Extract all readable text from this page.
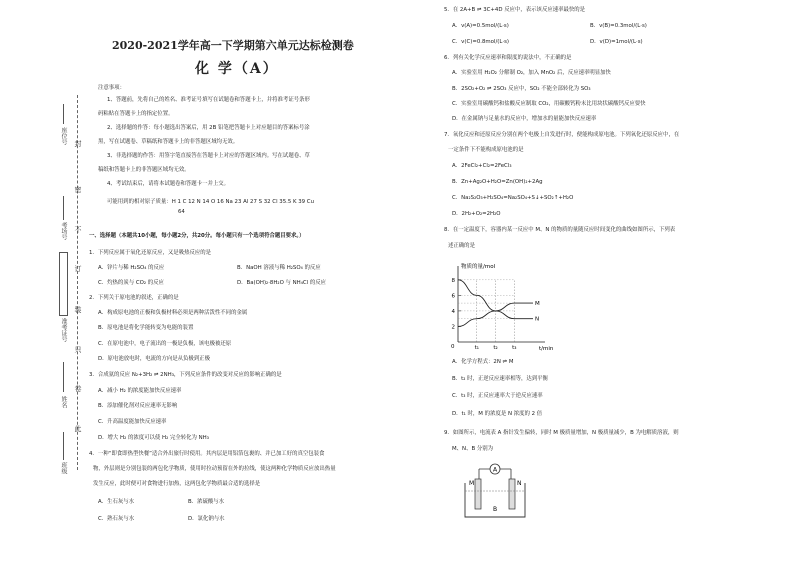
封
密
不
订
装
只
卷
此
座位号
考场号
准考证号
姓名
班级
2020-2021学年高一下学期第六单元达标检测卷
化 学（A）
注意事项：
1、答题前，先将自己的姓名、准考证号填写在试题卷和答题卡上，并将准考证号条形
码粘贴在答题卡上的指定位置。
2、选择题的作答：每小题选出答案后，用 2B 铅笔把答题卡上对应题目的答案标号涂
黑，写在试题卷、草稿纸和答题卡上的非答题区域均无效。
3、非选择题的作答：用签字笔直接答在答题卡上对应的答题区域内。写在试题卷、草
稿纸和答题卡上的非答题区域均无效。
4、考试结束后，请将本试题卷和答题卡一并上交。
可能用到的相对原子质量：H 1 C 12 N 14 O 16 Na 23 Al 27 S 32 Cl 35.5 K 39 Cu
64
一、选择题（本题共10小题，每小题2分，共20分。每小题只有一个选项符合题目要求。）
1．下列反应属于氧化还原反应，又是吸热反应的是
A．锌片与稀 H₂SO₄ 的反应	B．NaOH 溶液与稀 H₂SO₄ 的反应
C．灼热的炭与 CO₂ 的反应	D．Ba(OH)₂·8H₂O 与 NH₄Cl 的反应
2．下列关于原电池的叙述，正确的是
A．构成原电池的正极和负极材料必须是两种活泼性不同的金属
B．原电池是将化学能转变为电能的装置
C．在原电池中，电子流出的一极是负极，该电极被还原
D．原电池放电时，电流的方向是从负极到正极
3．合成氨的反应 N₂+3H₂ ⇌ 2NH₃，下列反应条件的改变对反应的影响正确的是
A．减小 H₂ 的浓度能加快反应速率
B．添加催化剂对反应速率无影响
C．升高温度能加快反应速率
D．增大 H₂ 的浓度可以使 H₂ 完全转化为 NH₃
4．一种“即食即热型快餐”适合外出旅行时使用。其内层是用铝箔包裹的、并已加工好的真空包装食
物，外层则是分别包装的两包化学物质，使用时拉动预留在外的拉线，使这两种化学物质反应放出热量
发生反应，此时便可对食物进行加热，这两包化学物质最合适的选择是
A．生石灰与水	B．浓硫酸与水
C．熟石灰与水	D．氯化钠与水
5．在 2A+B ⇌ 3C+4D 反应中，表示该反应速率最快的是
A．v(A)=0.5mol/(L·s)	B．v(B)=0.3mol/(L·s)
C．v(C)=0.8mol/(L·s)	D．v(D)=1mol/(L·s)
6．列有关化学反应速率和限度的说法中，不正确的是
A．实验室用 H₂O₂ 分解制 O₂，加入 MnO₂ 后，反应速率明显加快
B．2SO₂+O₂ ⇌ 2SO₃ 反应中，SO₂ 不能全部转化为 SO₃
C．实验室用碳酸钙和盐酸反应制取 CO₂，用碳酸钙粉末比用块状碳酸钙反应要快
D．在金属钠与足量水的反应中，增加水的量能加快反应速率
7．氧化反应和还原反应分别在两个电极上自发进行时，便能构成原电池。下列氧化还原反应中，在
一定条件下不能构成原电池的是
A．2FeCl₂+Cl₂=2FeCl₃
B．Zn+Ag₂O+H₂O=Zn(OH)₂+2Ag
C．Na₂S₂O₃+H₂SO₄=Na₂SO₄+S↓+SO₂↑+H₂O
D．2H₂+O₂=2H₂O
8．在一定温度下，容器内某一反应中 M、N 的物质的量随反应时间变化的曲线如图所示，下列表
述正确的是
A．化学方程式：2N ⇌ M
B．t₂ 时，正逆反应速率相等，达到平衡
C．t₃ 时，正反应速率大于逆反应速率
D．t₁ 时，M 的浓度是 N 浓度的 2 倍
9．如图所示，电流表 A 指针发生偏转，同时 M 极质量增加，N 极质量减少，B 为电解质溶液，则
M、N、B 分别为
物质的量/mol
t/min
0
2
4
6
8
t₁	t₂	t₃
M
N
A
M	N
B
